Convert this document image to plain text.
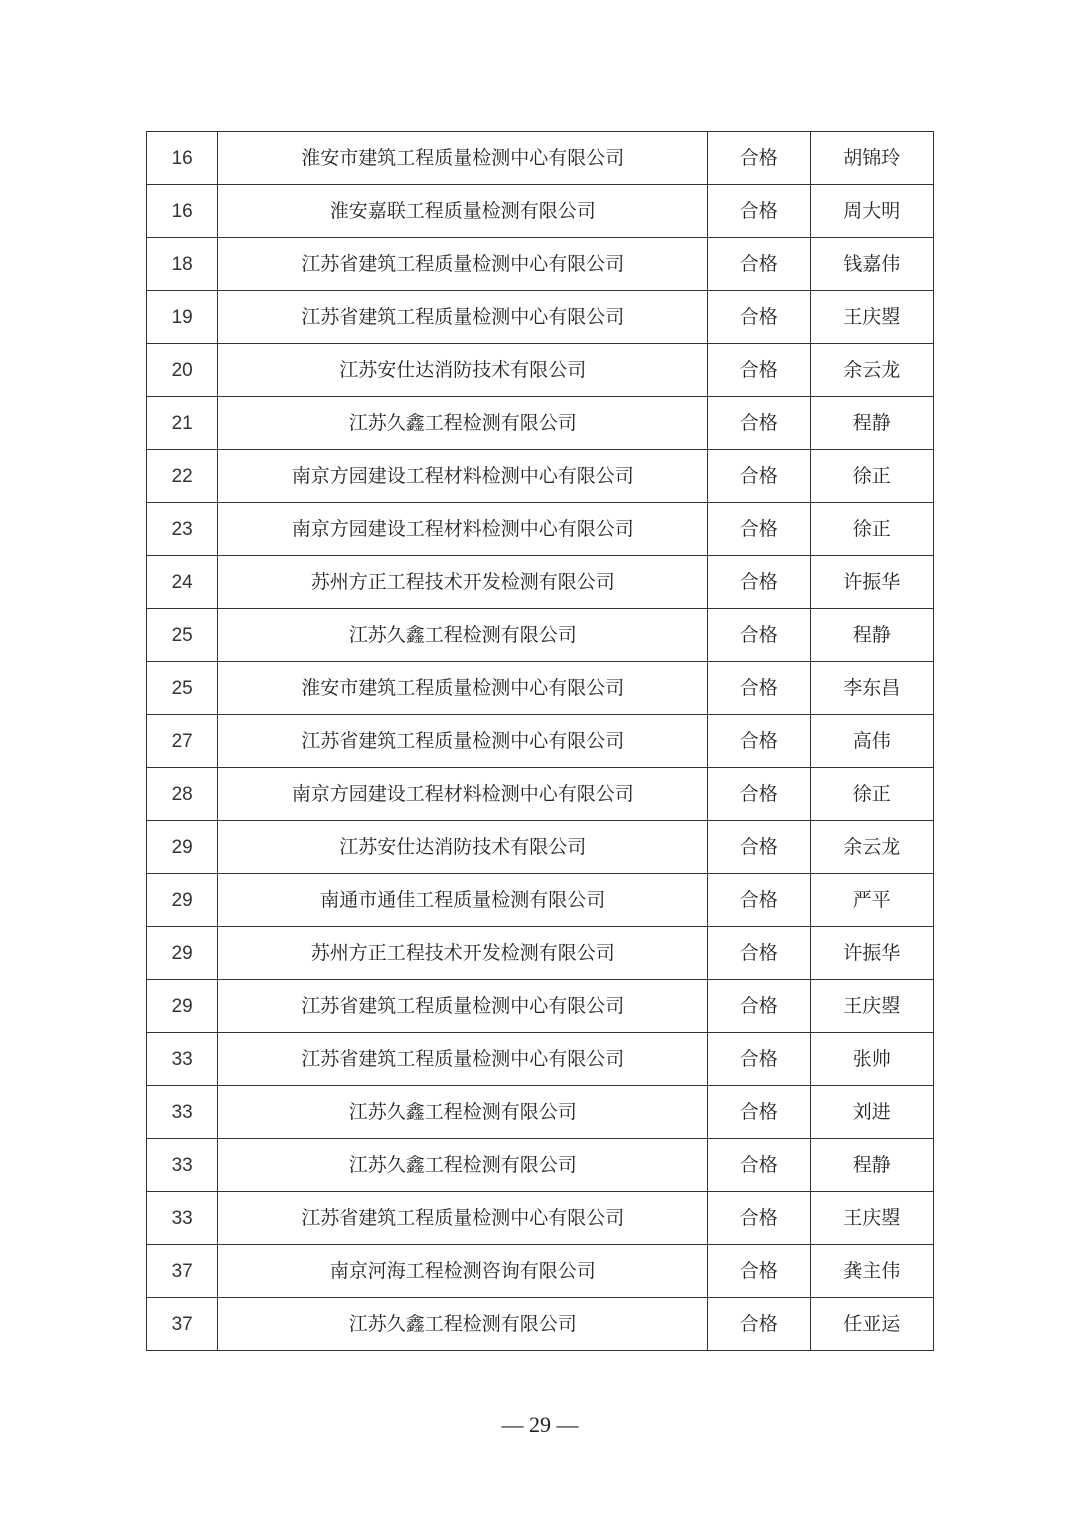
16	淮安市建筑工程质量检测中心有限公司	合格	胡锦玲
16	淮安嘉联工程质量检测有限公司	合格	周大明
18	江苏省建筑工程质量检测中心有限公司	合格	钱嘉伟
19	江苏省建筑工程质量检测中心有限公司	合格	王庆曌
20	江苏安仕达消防技术有限公司	合格	余云龙
21	江苏久鑫工程检测有限公司	合格	程静
22	南京方园建设工程材料检测中心有限公司	合格	徐正
23	南京方园建设工程材料检测中心有限公司	合格	徐正
24	苏州方正工程技术开发检测有限公司	合格	许振华
25	江苏久鑫工程检测有限公司	合格	程静
25	淮安市建筑工程质量检测中心有限公司	合格	李东昌
27	江苏省建筑工程质量检测中心有限公司	合格	高伟
28	南京方园建设工程材料检测中心有限公司	合格	徐正
29	江苏安仕达消防技术有限公司	合格	余云龙
29	南通市通佳工程质量检测有限公司	合格	严平
29	苏州方正工程技术开发检测有限公司	合格	许振华
29	江苏省建筑工程质量检测中心有限公司	合格	王庆曌
33	江苏省建筑工程质量检测中心有限公司	合格	张帅
33	江苏久鑫工程检测有限公司	合格	刘进
33	江苏久鑫工程检测有限公司	合格	程静
33	江苏省建筑工程质量检测中心有限公司	合格	王庆曌
37	南京河海工程检测咨询有限公司	合格	龚主伟
37	江苏久鑫工程检测有限公司	合格	任亚运
— 29 —
